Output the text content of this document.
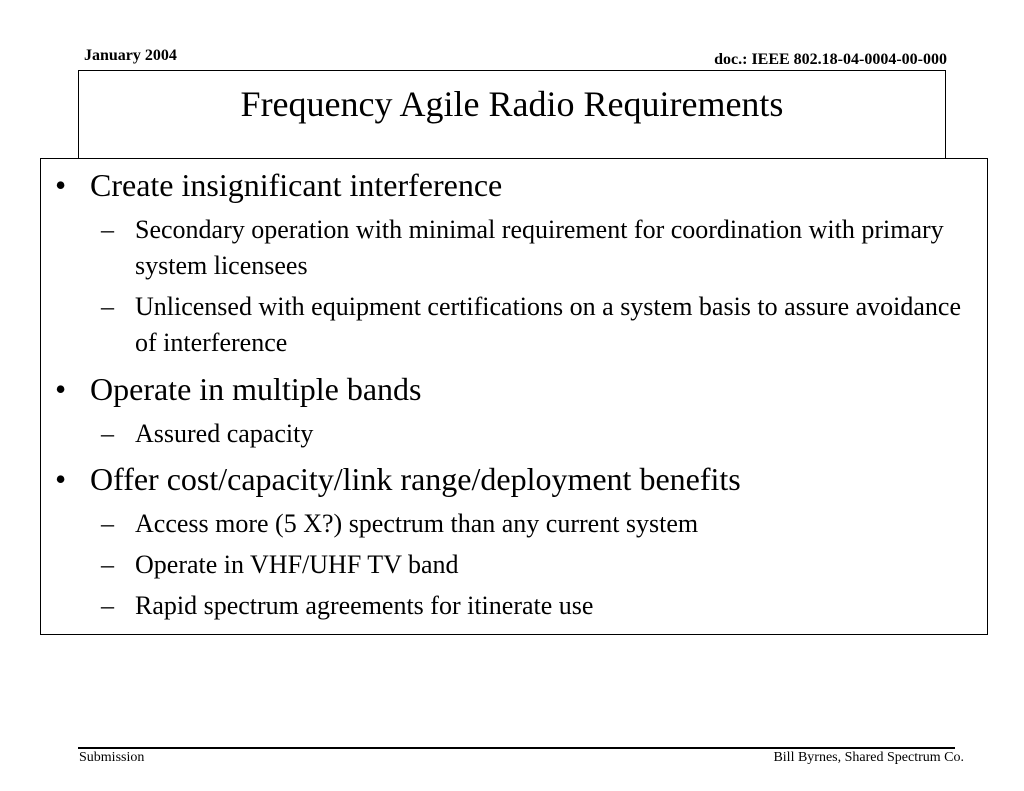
January 2004	doc.: IEEE 802.18-04-0004-00-000
Frequency Agile Radio Requirements
• Create insignificant interference
– Secondary operation with minimal requirement for coordination with primary system licensees
– Unlicensed with equipment certifications on a system basis to assure avoidance of interference
• Operate in multiple bands
– Assured capacity
• Offer cost/capacity/link range/deployment benefits
– Access more (5 X?) spectrum than any current system
– Operate in VHF/UHF TV band
– Rapid spectrum agreements for itinerate use
Submission	Bill Byrnes, Shared Spectrum Co.
